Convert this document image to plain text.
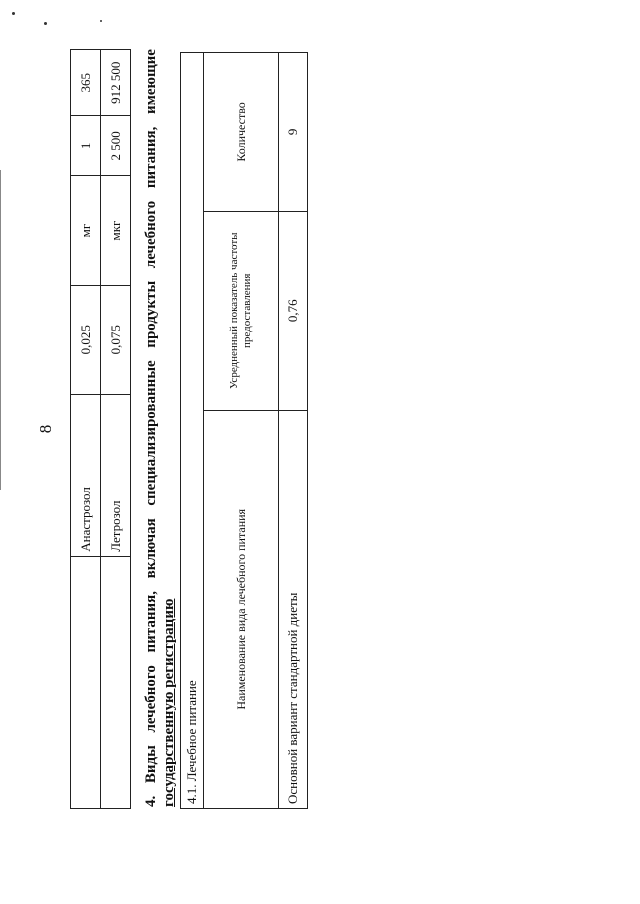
8
	Анастрозол	0,025	мг	1	365
	Летрозол	0,075	мкг	2 500	912 500
4.
Виды
лечебного
питания,
включая
специализированные
продукты
лечебного
питания,
имеющие
государственную регистрацию 4.1. Лечебное питание		
Наименование вида лечебного питания	Усредненный показатель частоты предоставления	Количество
Основной вариант стандартной диеты	0,76	9
